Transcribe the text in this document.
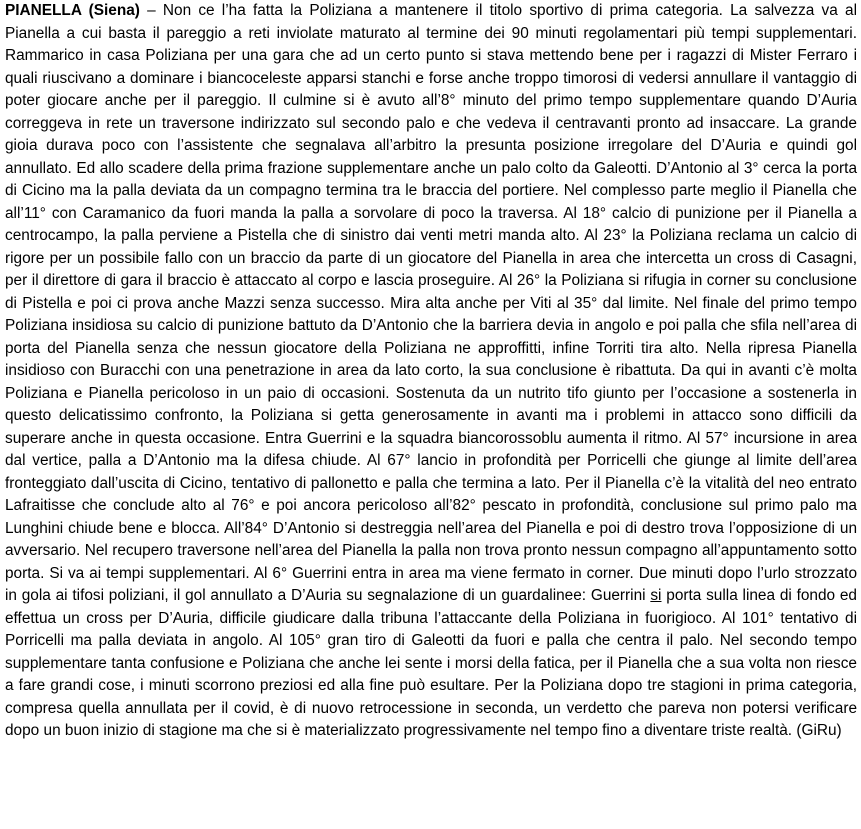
PIANELLA (Siena) – Non ce l’ha fatta la Poliziana a mantenere il titolo sportivo di prima categoria. La salvezza va al Pianella a cui basta il pareggio a reti inviolate maturato al termine dei 90 minuti regolamentari più tempi supplementari. Rammarico in casa Poliziana per una gara che ad un certo punto si stava mettendo bene per i ragazzi di Mister Ferraro i quali riuscivano a dominare i biancoceleste apparsi stanchi e forse anche troppo timorosi di vedersi annullare il vantaggio di poter giocare anche per il pareggio. Il culmine si è avuto all’8° minuto del primo tempo supplementare quando D’Auria correggeva in rete un traversone indirizzato sul secondo palo e che vedeva il centravanti pronto ad insaccare. La grande gioia durava poco con l’assistente che segnalava all’arbitro la presunta posizione irregolare del D’Auria e quindi gol annullato. Ed allo scadere della prima frazione supplementare anche un palo colto da Galeotti. D’Antonio al 3° cerca la porta di Cicino ma la palla deviata da un compagno termina tra le braccia del portiere. Nel complesso parte meglio il Pianella che all’11° con Caramanico da fuori manda la palla a sorvolare di poco la traversa. Al 18° calcio di punizione per il Pianella a centrocampo, la palla perviene a Pistella che di sinistro dai venti metri manda alto. Al 23° la Poliziana reclama un calcio di rigore per un possibile fallo con un braccio da parte di un giocatore del Pianella in area che intercetta un cross di Casagni, per il direttore di gara il braccio è attaccato al corpo e lascia proseguire. Al 26° la Poliziana si rifugia in corner su conclusione di Pistella e poi ci prova anche Mazzi senza successo. Mira alta anche per Viti al 35° dal limite. Nel finale del primo tempo Poliziana insidiosa su calcio di punizione battuto da D’Antonio che la barriera devia in angolo e poi palla che sfila nell’area di porta del Pianella senza che nessun giocatore della Poliziana ne approffitti, infine Torriti tira alto. Nella ripresa Pianella insidioso con Buracchi con una penetrazione in area da lato corto, la sua conclusione è ribattuta. Da qui in avanti c’è molta Poliziana e Pianella pericoloso in un paio di occasioni. Sostenuta da un nutrito tifo giunto per l’occasione a sostenerla in questo delicatissimo confronto, la Poliziana si getta generosamente in avanti ma i problemi in attacco sono difficili da superare anche in questa occasione. Entra Guerrini e la squadra biancorossoblu aumenta il ritmo. Al 57° incursione in area dal vertice, palla a D’Antonio ma la difesa chiude. Al 67° lancio in profondità per Porricelli che giunge al limite dell’area fronteggiato dall’uscita di Cicino, tentativo di pallonetto e palla che termina a lato. Per il Pianella c’è la vitalità del neo entrato Lafraitisse che conclude alto al 76° e poi ancora pericoloso all’82° pescato in profondità, conclusione sul primo palo ma Lunghini chiude bene e blocca. All’84° D’Antonio si destreggia nell’area del Pianella e poi di destro trova l’opposizione di un avversario. Nel recupero traversone nell’area del Pianella la palla non trova pronto nessun compagno all’appuntamento sotto porta. Si va ai tempi supplementari. Al 6° Guerrini entra in area ma viene fermato in corner. Due minuti dopo l’urlo strozzato in gola ai tifosi poliziani, il gol annullato a D’Auria su segnalazione di un guardalinee: Guerrini si porta sulla linea di fondo ed effettua un cross per D’Auria, difficile giudicare dalla tribuna l’attaccante della Poliziana in fuorigioco. Al 101° tentativo di Porricelli ma palla deviata in angolo. Al 105° gran tiro di Galeotti da fuori e palla che centra il palo. Nel secondo tempo supplementare tanta confusione e Poliziana che anche lei sente i morsi della fatica, per il Pianella che a sua volta non riesce a fare grandi cose, i minuti scorrono preziosi ed alla fine può esultare. Per la Poliziana dopo tre stagioni in prima categoria, compresa quella annullata per il covid, è di nuovo retrocessione in seconda, un verdetto che pareva non potersi verificare dopo un buon inizio di stagione ma che si è materializzato progressivamente nel tempo fino a diventare triste realtà. (GiRu)
